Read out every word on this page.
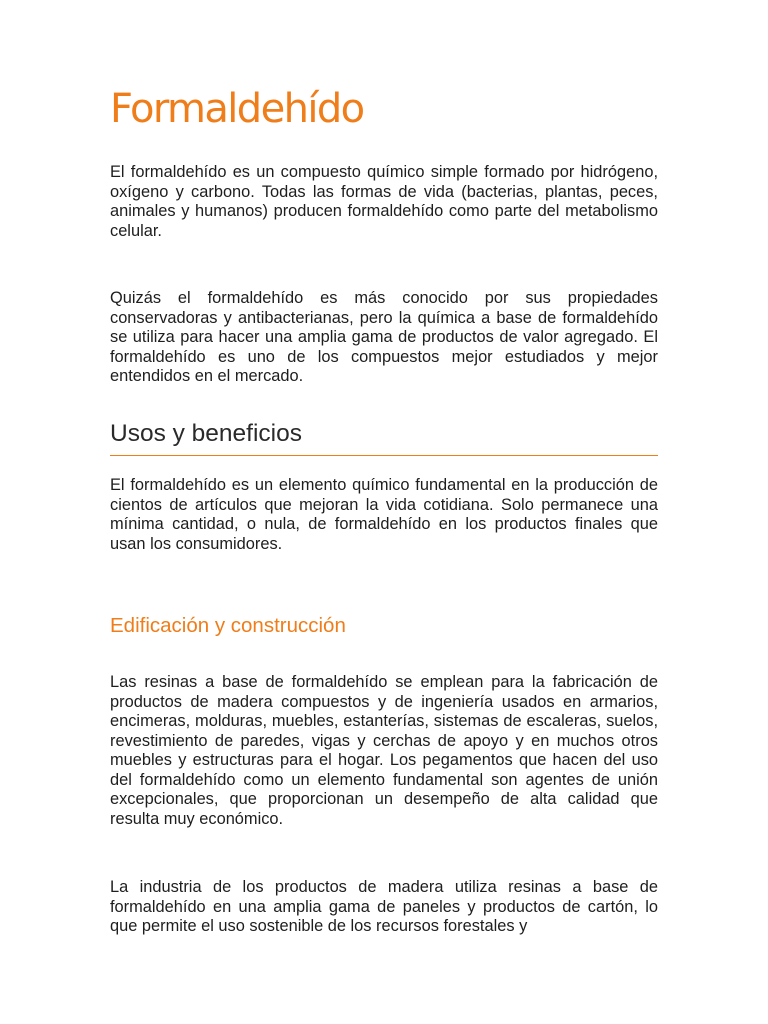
Formaldehído

El formaldehído es un compuesto químico simple formado por hidrógeno, oxígeno y carbono. Todas las formas de vida (bacterias, plantas, peces, animales y humanos) producen formaldehído como parte del metabolismo celular.

Quizás el formaldehído es más conocido por sus propiedades conservadoras y antibacterianas, pero la química a base de formaldehído se utiliza para hacer una amplia gama de productos de valor agregado. El formaldehído es uno de los compuestos mejor estudiados y mejor entendidos en el mercado.

Usos y beneficios

El formaldehído es un elemento químico fundamental en la producción de cientos de artículos que mejoran la vida cotidiana. Solo permanece una mínima cantidad, o nula, de formaldehído en los productos finales que usan los consumidores.

Edificación y construcción

Las resinas a base de formaldehído se emplean para la fabricación de productos de madera compuestos y de ingeniería usados en armarios, encimeras, molduras, muebles, estanterías, sistemas de escaleras, suelos, revestimiento de paredes, vigas y cerchas de apoyo y en muchos otros muebles y estructuras para el hogar. Los pegamentos que hacen del uso del formaldehído como un elemento fundamental son agentes de unión excepcionales, que proporcionan un desempeño de alta calidad que resulta muy económico.

La industria de los productos de madera utiliza resinas a base de formaldehído en una amplia gama de paneles y productos de cartón, lo que permite el uso sostenible de los recursos forestales y
